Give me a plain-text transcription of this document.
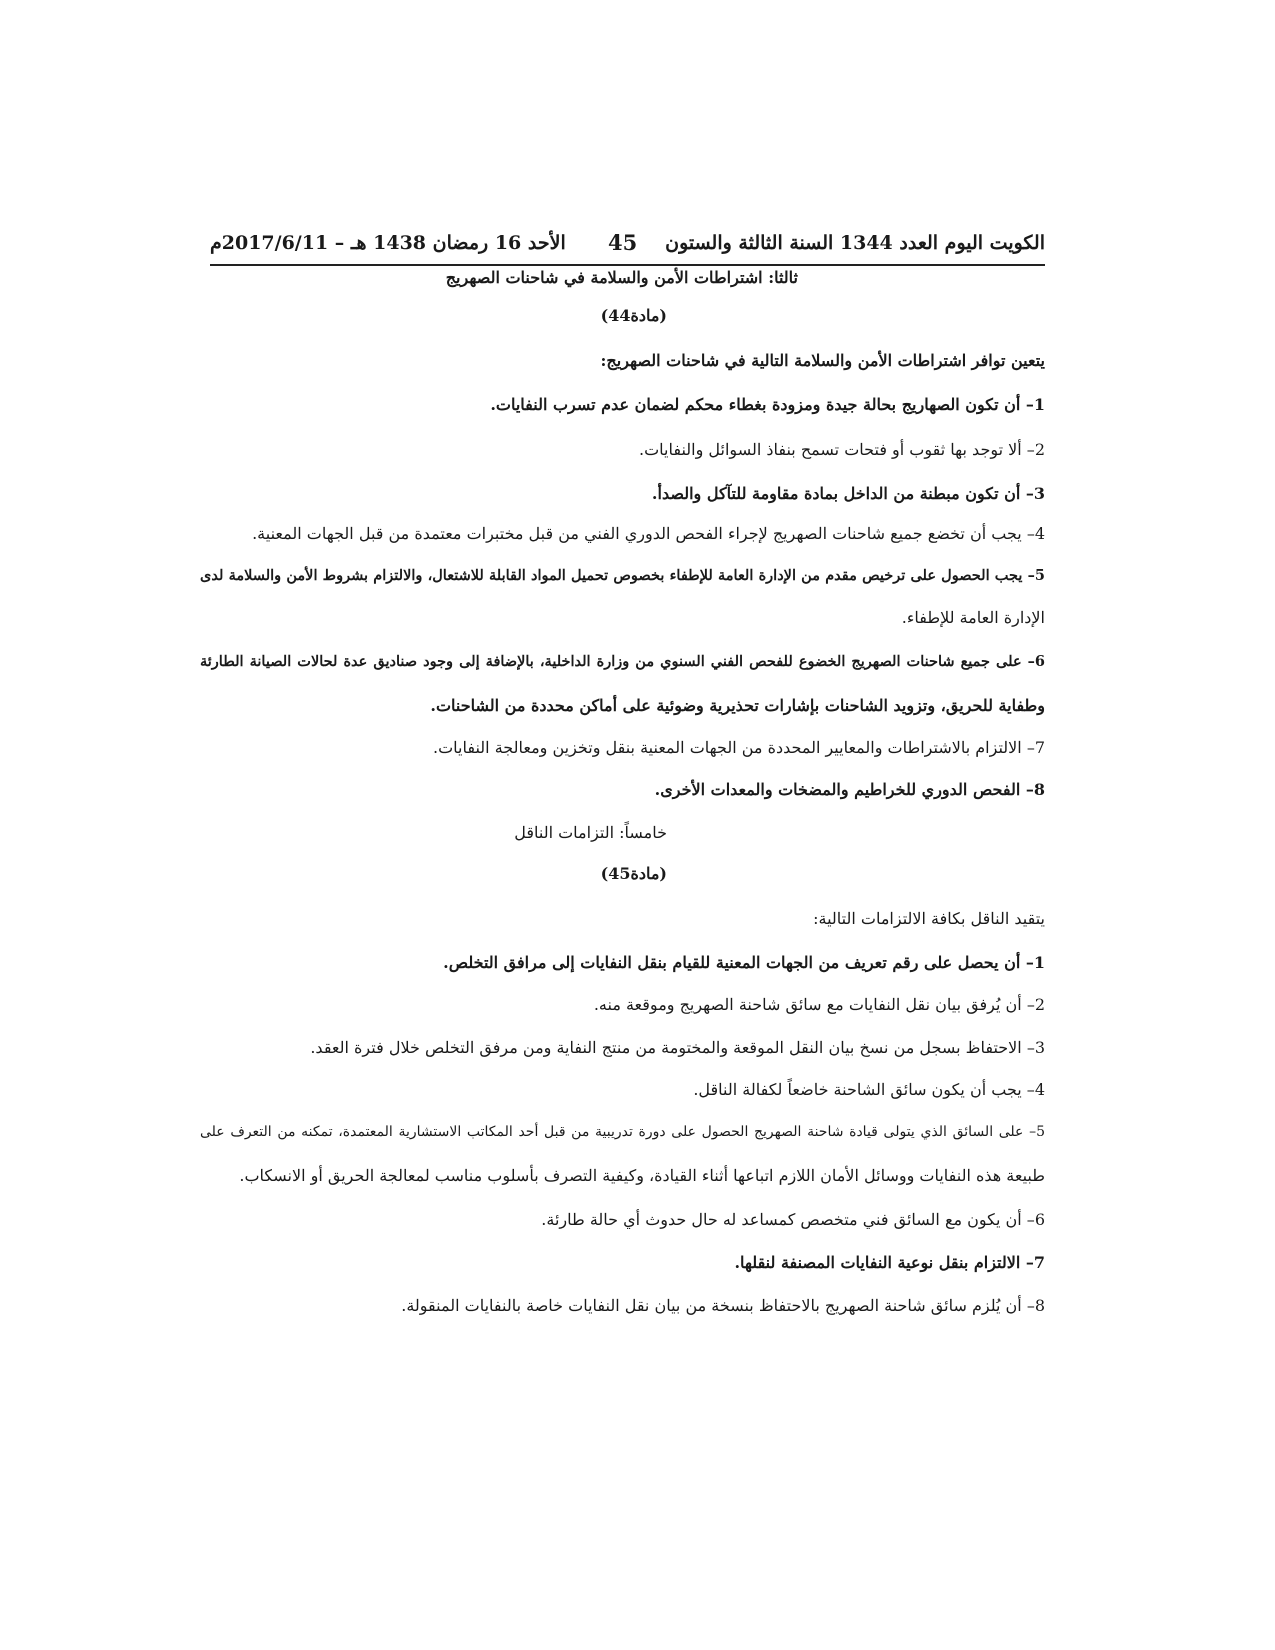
الأحد 16 رمضان 1438 هـ – 2017/6/11م 45 الكويت اليوم العدد 1344 السنة الثالثة والستون
ثالثا: اشتراطات الأمن والسلامة في شاحنات الصهريج
(مادة44)
يتعين توافر اشتراطات الأمن والسلامة التالية في شاحنات الصهريج:
1– أن تكون الصهاريج بحالة جيدة ومزودة بغطاء محكم لضمان عدم تسرب النفايات.
2– ألا توجد بها ثقوب أو فتحات تسمح بنفاذ السوائل والنفايات.
3– أن تكون مبطنة من الداخل بمادة مقاومة للتآكل والصدأ.
4– يجب أن تخضع جميع شاحنات الصهريج لإجراء الفحص الدوري الفني من قبل مختبرات معتمدة من قبل الجهات المعنية.
5– يجب الحصول على ترخيص مقدم من الإدارة العامة للإطفاء بخصوص تحميل المواد القابلة للاشتعال، والالتزام بشروط الأمن والسلامة لدى
الإدارة العامة للإطفاء.
6– على جميع شاحنات الصهريج الخضوع للفحص الفني السنوي من وزارة الداخلية، بالإضافة إلى وجود صناديق عدة لحالات الصيانة الطارئة
وطفاية للحريق، وتزويد الشاحنات بإشارات تحذيرية وضوئية على أماكن محددة من الشاحنات.
7– الالتزام بالاشتراطات والمعايير المحددة من الجهات المعنية بنقل وتخزين ومعالجة النفايات.
8– الفحص الدوري للخراطيم والمضخات والمعدات الأخرى.
خامساً: التزامات الناقل
(مادة45)
يتقيد الناقل بكافة الالتزامات التالية:
1– أن يحصل على رقم تعريف من الجهات المعنية للقيام بنقل النفايات إلى مرافق التخلص.
2– أن يُرفق بيان نقل النفايات مع سائق شاحنة الصهريج وموقعة منه.
3– الاحتفاظ بسجل من نسخ بيان النقل الموقعة والمختومة من منتج النفاية ومن مرفق التخلص خلال فترة العقد.
4– يجب أن يكون سائق الشاحنة خاضعاً لكفالة الناقل.
5– على السائق الذي يتولى قيادة شاحنة الصهريج الحصول على دورة تدريبية من قبل أحد المكاتب الاستشارية المعتمدة، تمكنه من التعرف على
طبيعة هذه النفايات ووسائل الأمان اللازم اتباعها أثناء القيادة، وكيفية التصرف بأسلوب مناسب لمعالجة الحريق أو الانسكاب.
6– أن يكون مع السائق فني متخصص كمساعد له حال حدوث أي حالة طارئة.
7– الالتزام بنقل نوعية النفايات المصنفة لنقلها.
8– أن يُلزم سائق شاحنة الصهريج بالاحتفاظ بنسخة من بيان نقل النفايات خاصة بالنفايات المنقولة.
